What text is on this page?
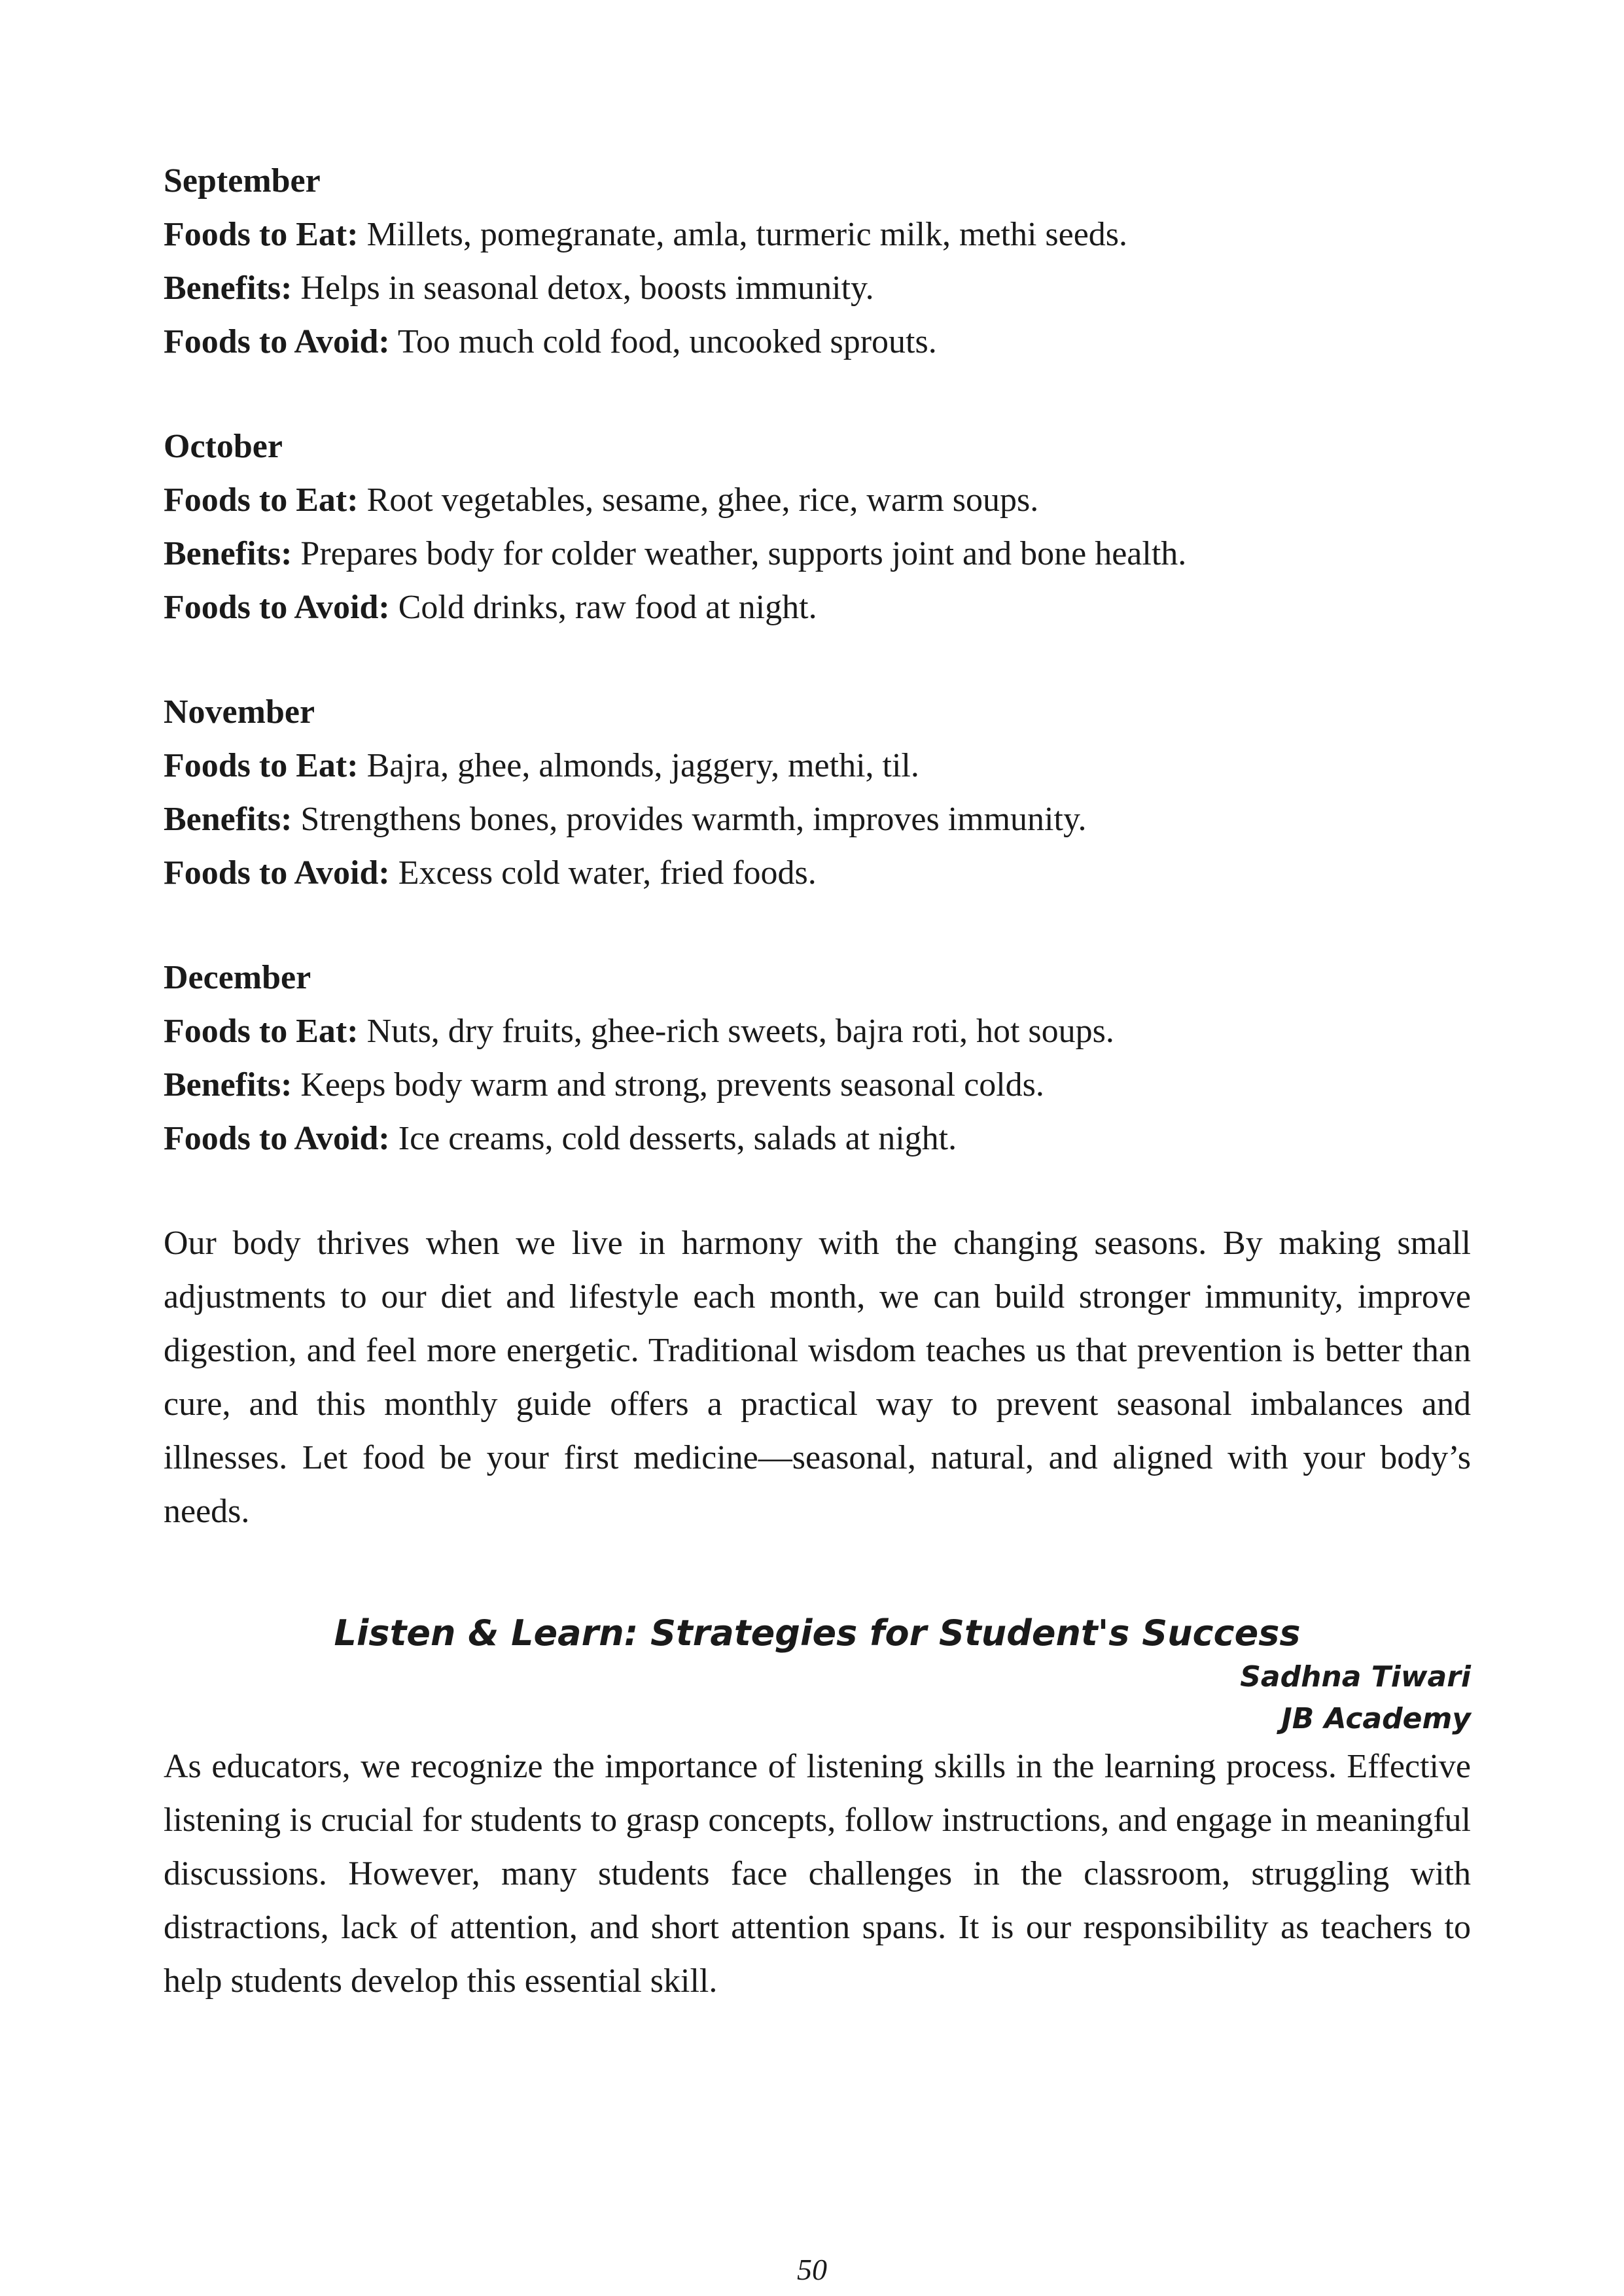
September
Foods to Eat: Millets, pomegranate, amla, turmeric milk, methi seeds.
Benefits: Helps in seasonal detox, boosts immunity.
Foods to Avoid: Too much cold food, uncooked sprouts.
October
Foods to Eat: Root vegetables, sesame, ghee, rice, warm soups.
Benefits: Prepares body for colder weather, supports joint and bone health.
Foods to Avoid: Cold drinks, raw food at night.
November
Foods to Eat: Bajra, ghee, almonds, jaggery, methi, til.
Benefits: Strengthens bones, provides warmth, improves immunity.
Foods to Avoid: Excess cold water, fried foods.
December
Foods to Eat: Nuts, dry fruits, ghee-rich sweets, bajra roti, hot soups.
Benefits: Keeps body warm and strong, prevents seasonal colds.
Foods to Avoid: Ice creams, cold desserts, salads at night.

Our body thrives when we live in harmony with the changing seasons. By making small adjustments to our diet and lifestyle each month, we can build stronger immunity, improve digestion, and feel more energetic. Traditional wisdom teaches us that prevention is better than cure, and this monthly guide offers a practical way to prevent seasonal imbalances and illnesses. Let food be your first medicine—seasonal, natural, and aligned with your body’s needs.

Listen & Learn: Strategies for Student's Success
Sadhna Tiwari
JB Academy

As educators, we recognize the importance of listening skills in the learning process. Effective listening is crucial for students to grasp concepts, follow instructions, and engage in meaningful discussions. However, many students face challenges in the classroom, struggling with distractions, lack of attention, and short attention spans. It is our responsibility as teachers to help students develop this essential skill.

50
